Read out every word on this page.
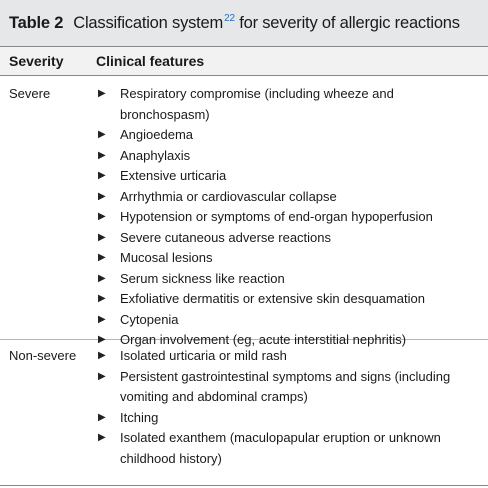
Table 2 Classification system$^{22}$ for severity of allergic reactions
Severity	Clinical features
Severe	▶	Respiratory compromise (including wheeze and bronchospasm)
▶	Angioedema
▶	Anaphylaxis
▶	Extensive urticaria
▶	Arrhythmia or cardiovascular collapse
▶	Hypotension or symptoms of end-organ hypoperfusion
▶	Severe cutaneous adverse reactions
▶	Mucosal lesions
▶	Serum sickness like reaction
▶	Exfoliative dermatitis or extensive skin desquamation
▶	Cytopenia
▶	Organ involvement (eg, acute interstitial nephritis)
Non-severe	▶	Isolated urticaria or mild rash
▶	Persistent gastrointestinal symptoms and signs (including vomiting and abdominal cramps)
▶	Itching
▶	Isolated exanthem (maculopapular eruption or unknown childhood history)
